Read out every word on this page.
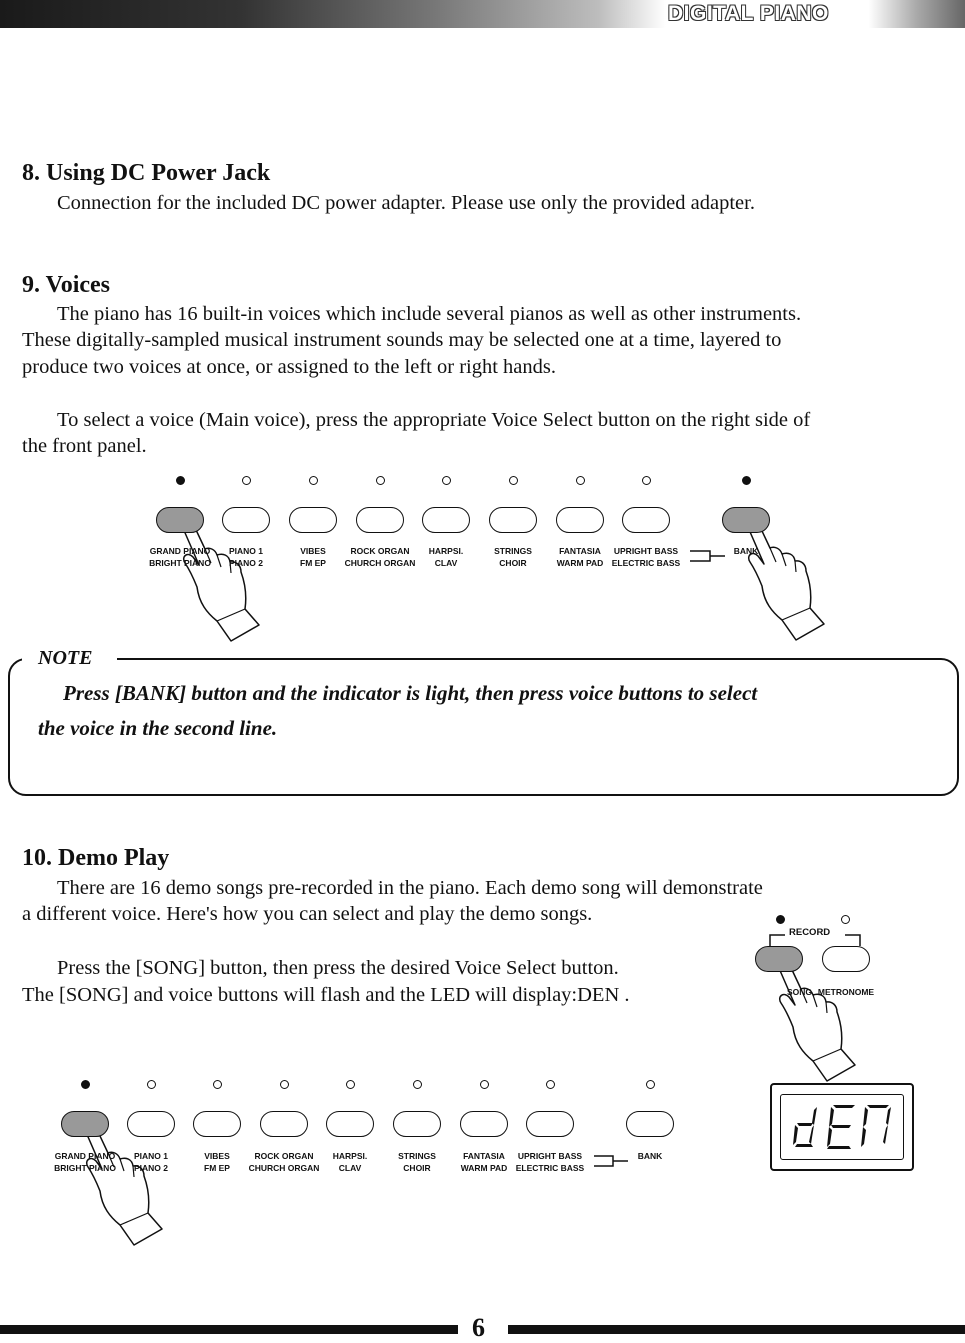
DIGITAL PIANO
8. Using DC Power Jack
Connection for the included DC power adapter. Please use only the provided adapter.
9. Voices
The piano has 16 built-in voices which include several pianos as well as other instruments.
These digitally-sampled musical instrument sounds may be selected one at a time, layered to
produce two voices at once, or assigned to the left or right hands.
To select a voice (Main voice), press the appropriate Voice Select button on the right side of
the front panel.
NOTE
Press [BANK] button and the indicator is light, then press voice buttons to select
the voice in the second line.
10. Demo Play
There are 16 demo songs pre-recorded in the piano. Each demo song will demonstrate
a different voice. Here's how you can select and play the demo songs.
Press the [SONG] button, then press the desired Voice Select button.
The [SONG] and voice buttons will flash and the LED will display:DEN .
RECORD
SONG METRONOME
6
GRAND PIANO
BRIGHT PIANO
PIANO 1
PIANO 2
VIBES
FM EP
ROCK ORGAN
CHURCH ORGAN
HARPSI.
CLAV
STRINGS
CHOIR
FANTASIA
WARM PAD
UPRIGHT BASS
ELECTRIC BASS
BANK
GRAND PIANO
BRIGHT PIANO
PIANO 1
PIANO 2
VIBES
FM EP
ROCK ORGAN
CHURCH ORGAN
HARPSI.
CLAV
STRINGS
CHOIR
FANTASIA
WARM PAD
UPRIGHT BASS
ELECTRIC BASS
BANK
